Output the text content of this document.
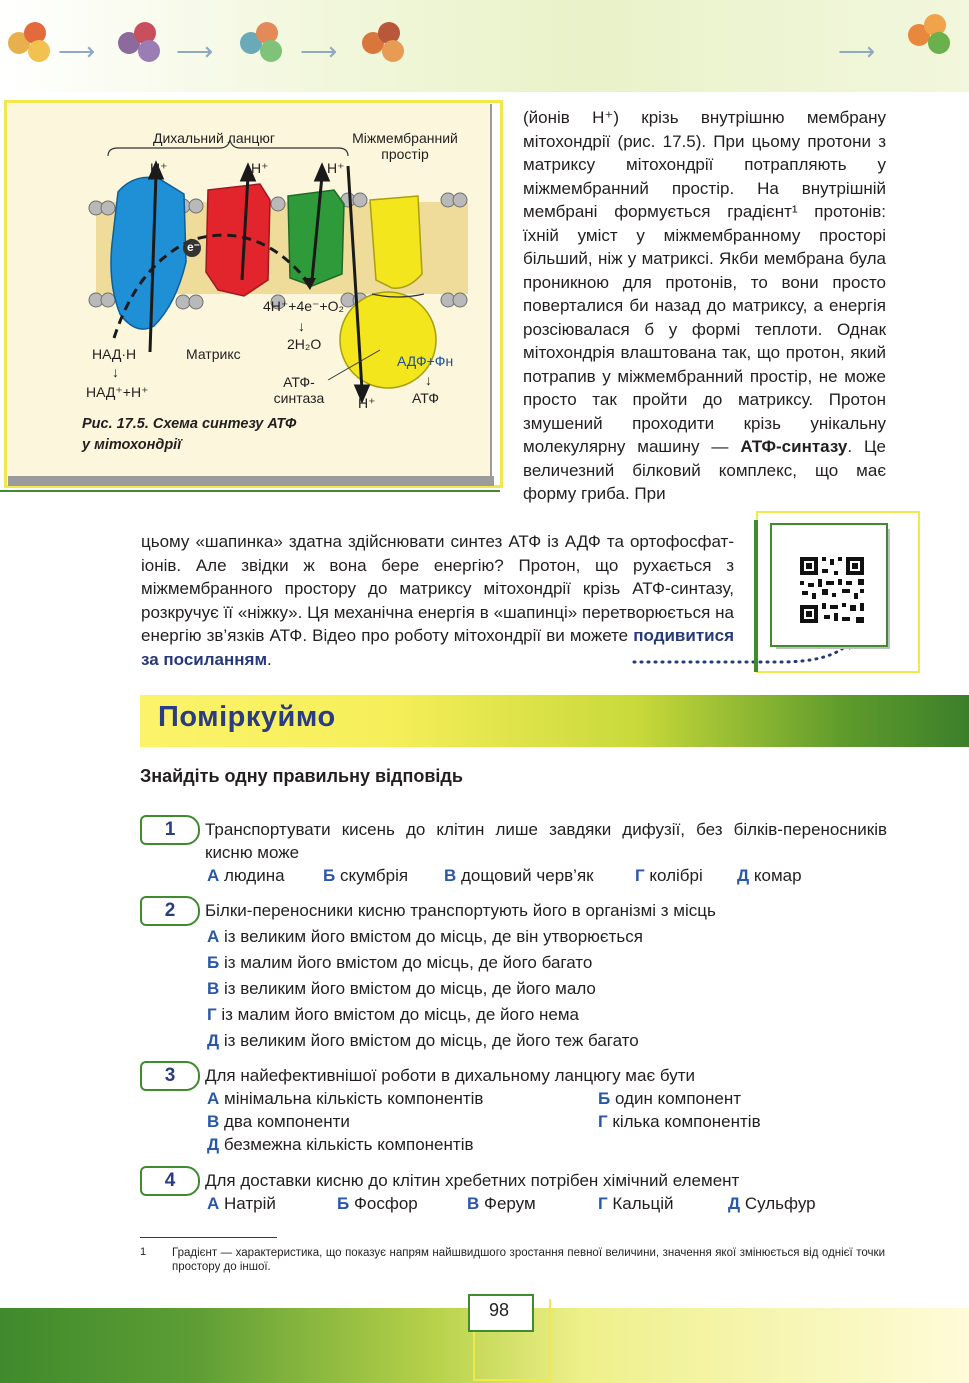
⟶	⟶	⟶	⟶
Дихальний ланцюг	Міжмембранний простір
H⁺	H⁺	H⁺
e⁻
4H⁺+4e⁻+O₂
↓
2H₂O
НАД·Н
↓
НАД⁺+H⁺
Матрикс
АТФ-синтаза	H⁺
АДФ+Фн
↓
АТФ
Рис. 17.5. Схема синтезу АТФ
у мітохондрії
(йонів H⁺) крізь внутрішню мембрану мітохондрії (рис. 17.5). При цьому протони з матриксу мітохондрії потрапляють у міжмембранний простір. На внутрішній мембрані формується градієнт¹ протонів: їхній уміст у міжмембранному просторі більший, ніж у матриксі. Якби мембрана була проникною для протонів, то вони просто поверталися би назад до матриксу, а енергія розсіювалася б у формі теплоти. Однак мітохондрія влаштована так, що протон, який потрапив у міжмембранний простір, не може просто так пройти до матриксу. Протон змушений проходити крізь унікальну молекулярну машину — АТФ-синтазу. Це величезний білковий комплекс, що має форму гриба. При
цьому «шапинка» здатна здійснювати синтез АТФ із АДФ та ортофосфат-іонів. Але звідки ж вона бере енергію? Протон, що рухається з міжмембранного простору до матриксу мітохондрії крізь АТФ-синтазу, розкручує її «ніжку». Ця механічна енергія в «шапинці» перетворюється на енергію зв’язків АТФ. Відео про роботу мітохондрії ви можете подивитися за посиланням.
Поміркуймо
Знайдіть одну правильну відповідь
1	Транспортувати кисень до клітин лише завдяки дифузії, без білків-переносників кисню може
А людина Б скумбрія В дощовий черв’як Г колібрі Д комар
2	Білки-переносники кисню транспортують його в організмі з місць
А із великим його вмістом до місць, де він утворюється
Б із малим його вмістом до місць, де його багато
В із великим його вмістом до місць, де його мало
Г із малим його вмістом до місць, де його нема
Д із великим його вмістом до місць, де його теж багато
3	Для найефективнішої роботи в дихальному ланцюгу має бути
А мінімальна кількість компонентів	Б один компонент
В два компоненти	Г кілька компонентів
Д безмежна кількість компонентів
4	Для доставки кисню до клітин хребетних потрібен хімічний елемент
А Натрій	Б Фосфор	В Ферум	Г Кальцій	Д Сульфур
1 Градієнт — характеристика, що показує напрям найшвидшого зростання певної величини, значення якої змінюється від однієї точки простору до іншої.
98
